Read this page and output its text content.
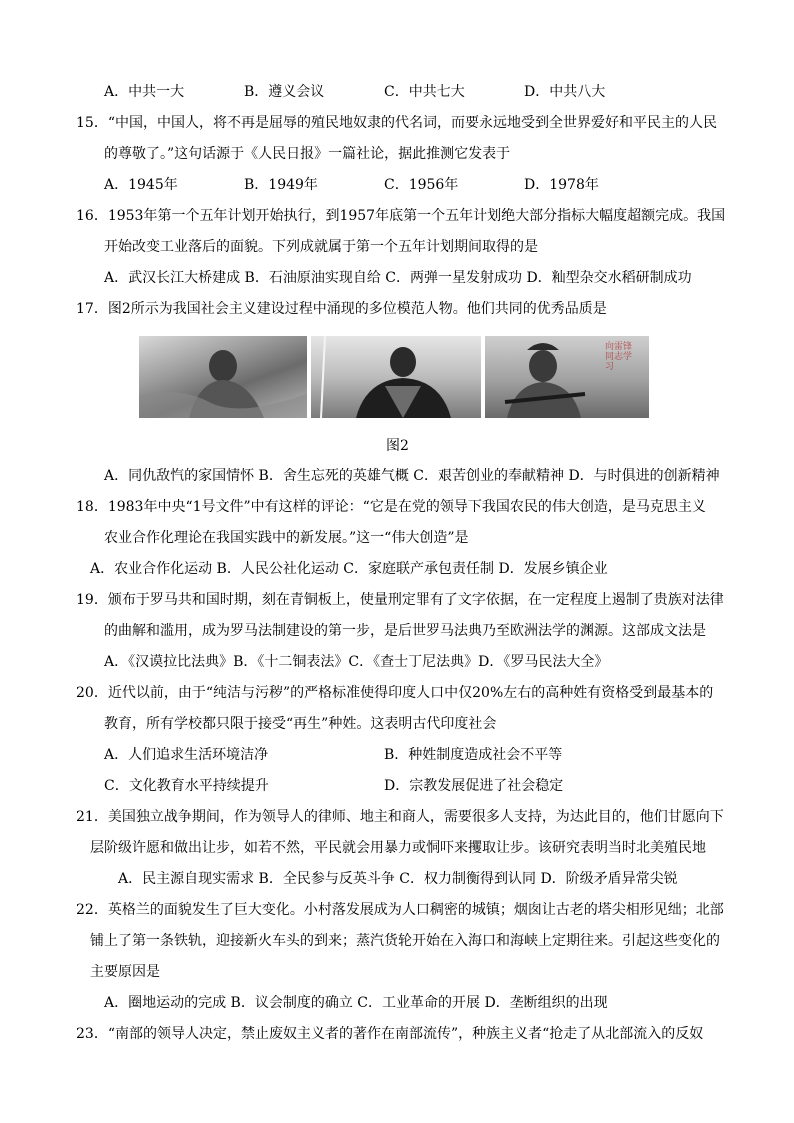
A．中共一大	B．遵义会议	C．中共七大	D．中共八大
15．“中国，中国人，将不再是屈辱的殖民地奴隶的代名词，而要永远地受到全世界爱好和平民主的人民
的尊敬了。”这句话源于《人民日报》一篇社论，据此推测它发表于
A．1945年	B．1949年	C．1956年	D．1978年
16．1953年第一个五年计划开始执行，到1957年底第一个五年计划绝大部分指标大幅度超额完成。我国
开始改变工业落后的面貌。下列成就属于第一个五年计划期间取得的是
A．武汉长江大桥建成 B．石油原油实现自给 C．两弹一星发射成功 D．籼型杂交水稻研制成功
17．图2所示为我国社会主义建设过程中涌现的多位模范人物。他们共同的优秀品质是
向雷锋
同志学
习
图2
A．同仇敌忾的家国情怀 B．舍生忘死的英雄气概 C．艰苦创业的奉献精神 D．与时俱进的创新精神
18．1983年中央“1号文件”中有这样的评论：“它是在党的领导下我国农民的伟大创造，是马克思主义
农业合作化理论在我国实践中的新发展。”这一“伟大创造”是
A．农业合作化运动 B．人民公社化运动 C．家庭联产承包责任制 D．发展乡镇企业
19．颁布于罗马共和国时期，刻在青铜板上，使量刑定罪有了文字依据，在一定程度上遏制了贵族对法律
的曲解和滥用，成为罗马法制建设的第一步，是后世罗马法典乃至欧洲法学的渊源。这部成文法是
A．《汉谟拉比法典》B．《十二铜表法》C．《查士丁尼法典》D．《罗马民法大全》
20．近代以前，由于“纯洁与污秽”的严格标准使得印度人口中仅20%左右的高种姓有资格受到最基本的
教育，所有学校都只限于接受“再生”种姓。这表明古代印度社会
A．人们追求生活环境洁净	B．种姓制度造成社会不平等
C．文化教育水平持续提升	D．宗教发展促进了社会稳定
21．美国独立战争期间，作为领导人的律师、地主和商人，需要很多人支持，为达此目的，他们甘愿向下
层阶级许愿和做出让步，如若不然，平民就会用暴力或恫吓来攫取让步。该研究表明当时北美殖民地
A．民主源自现实需求 B．全民参与反英斗争 C．权力制衡得到认同 D．阶级矛盾异常尖锐
22．英格兰的面貌发生了巨大变化。小村落发展成为人口稠密的城镇；烟囱让古老的塔尖相形见绌；北部
铺上了第一条铁轨，迎接新火车头的到来；蒸汽货轮开始在入海口和海峡上定期往来。引起这些变化的
主要原因是
A．圈地运动的完成 B．议会制度的确立 C．工业革命的开展 D．垄断组织的出现
23．“南部的领导人决定，禁止废奴主义者的著作在南部流传”，种族主义者“抢走了从北部流入的反奴
